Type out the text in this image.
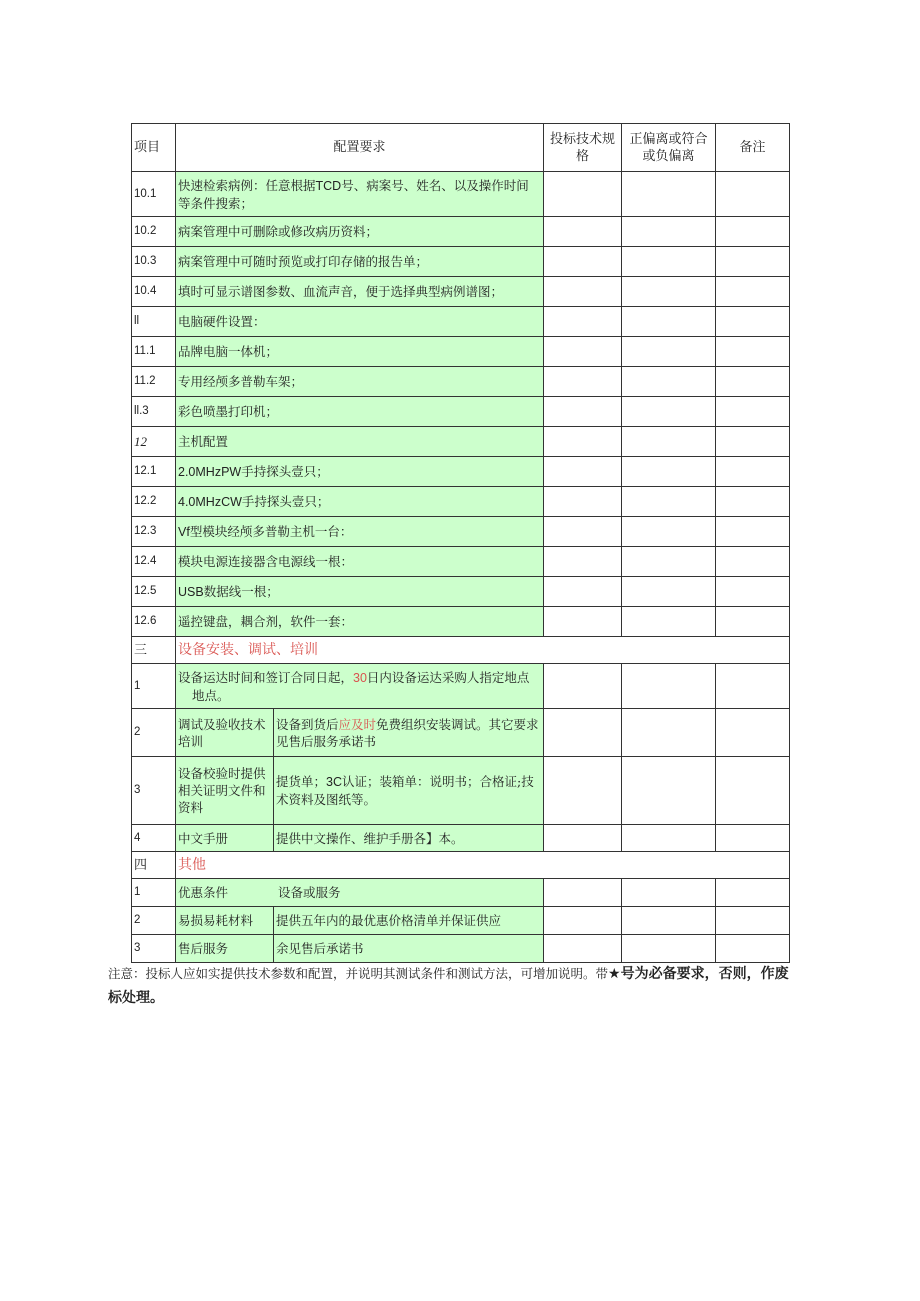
项目	配置要求		投标技术规格	正偏离或符合或负偏离	备注
10.1	快速检索病例：任意根据TCD号、病案号、姓名、以及操作时间等条件搜索；				
10.2	病案管理中可删除或修改病历资料；				
10.3	病案管理中可随时预览或打印存储的报告单；				
10.4	填时可显示谱图参数、血流声音，便于选择典型病例谱图；				
ll	电脑硬件设置：				
11.1	品牌电脑一体机；				
11.2	专用经颅多普勒车架；				
ll.3	彩色喷墨打印机；				
12	主机配置				
12.1	2.0MHzPW手持探头壹只；				
12.2	4.0MHzCW手持探头壹只；				
12.3	Vf型模块经颅多普勒主机一台：				
12.4	模块电源连接器含电源线一根：				
12.5	USB数据线一根；				
12.6	遥控键盘，耦合剂，软件一套：				
三	设备安装、调试、培训				
1	设备运达时间和签订合同日起，30日内设备运达采购人指定地点地点。				
2	调试及验收技术培训	设备到货后应及时免费组织安装调试。其它要求见售后服务承诺书			
3	设备校验时提供相关证明文件和资料	提货单；3C认证；装箱单：说明书；合格证;技术资料及图纸等。			
4	中文手册	提供中文操作、维护手册各】本。			
四	其他				
1	优惠条件 设备或服务				
2	易损易耗材料	提供五年内的最优惠价格清单并保证供应			
3	售后服务	余见售后承诺书			
注意：投标人应如实提供技术参数和配置，并说明其测试条件和测试方法，可增加说明。带★号为必备要求，否则，作废标处理。
